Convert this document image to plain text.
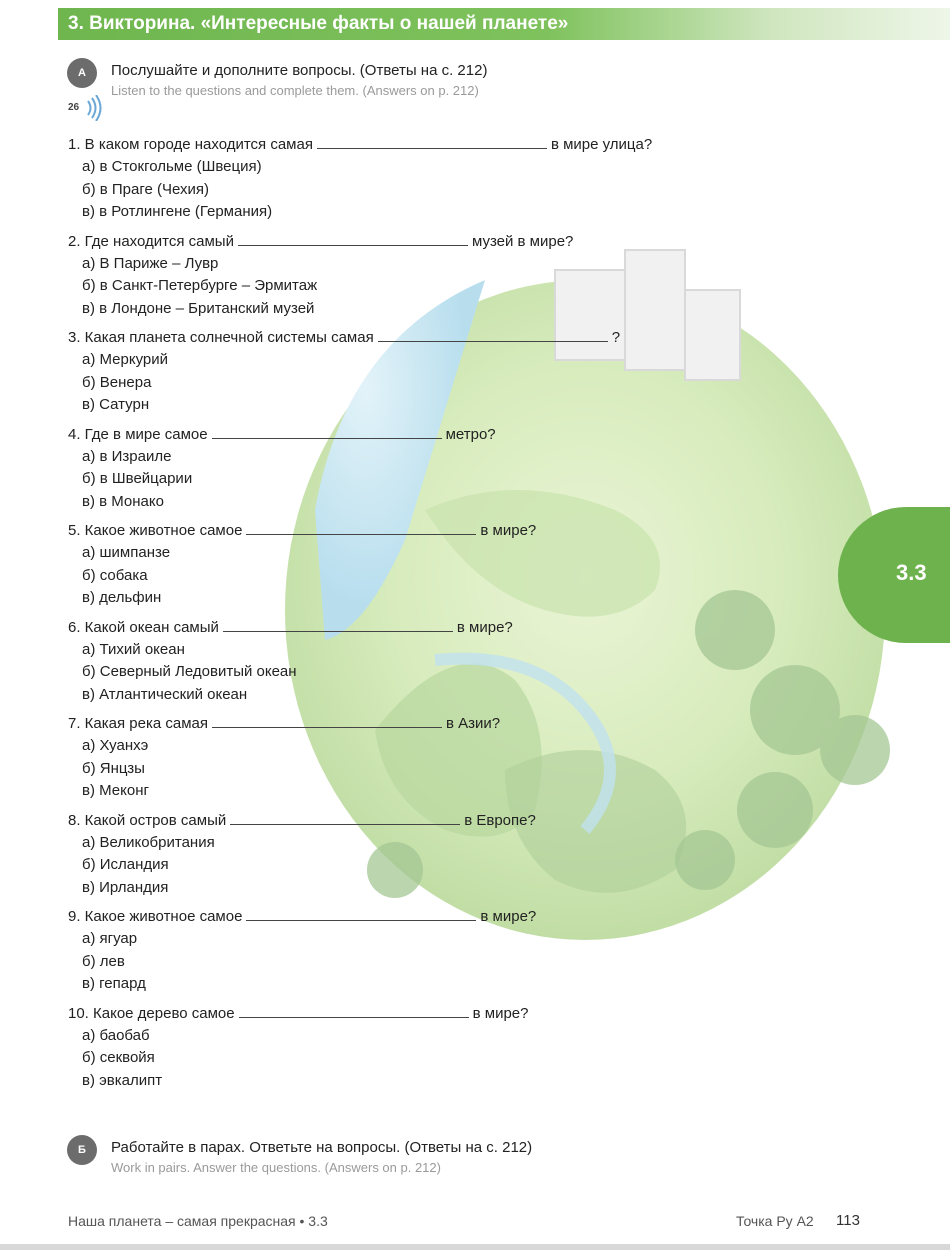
3. Викторина. «Интересные факты о нашей планете»
А	Послушайте и дополните вопросы. (Ответы на с. 212)
Listen to the questions and complete them. (Answers on p. 212)
26
1. В каком городе находится самая	в мире улица?
а) в Стокгольме (Швеция)
б) в Праге (Чехия)
в) в Ротлингене (Германия)
2. Где находится самый	музей в мире?
а) В Париже – Лувр
б) в Санкт-Петербурге – Эрмитаж
в) в Лондоне – Британский музей
3. Какая планета солнечной системы самая	?
а) Меркурий
б) Венера
в) Сатурн
4. Где в мире самое	метро?
а) в Израиле
б) в Швейцарии
в) в Монако
5. Какое животное самое	в мире?
а) шимпанзе
б) собака
в) дельфин
6. Какой океан самый	в мире?
а) Тихий океан
б) Северный Ледовитый океан
в) Атлантический океан
7. Какая река самая	в Азии?
а) Хуанхэ
б) Янцзы
в) Меконг
8. Какой остров самый	в Европе?
а) Великобритания
б) Исландия
в) Ирландия
9. Какое животное самое	в мире?
а) ягуар
б) лев
в) гепард
10. Какое дерево самое	в мире?
а) баобаб
б) секвойя
в) эвкалипт
Б	Работайте в парах. Ответьте на вопросы. (Ответы на с. 212)
Work in pairs. Answer the questions. (Answers on p. 212)
3.3
Наша планета – самая прекрасная • 3.3	Точка Ру А2 113
